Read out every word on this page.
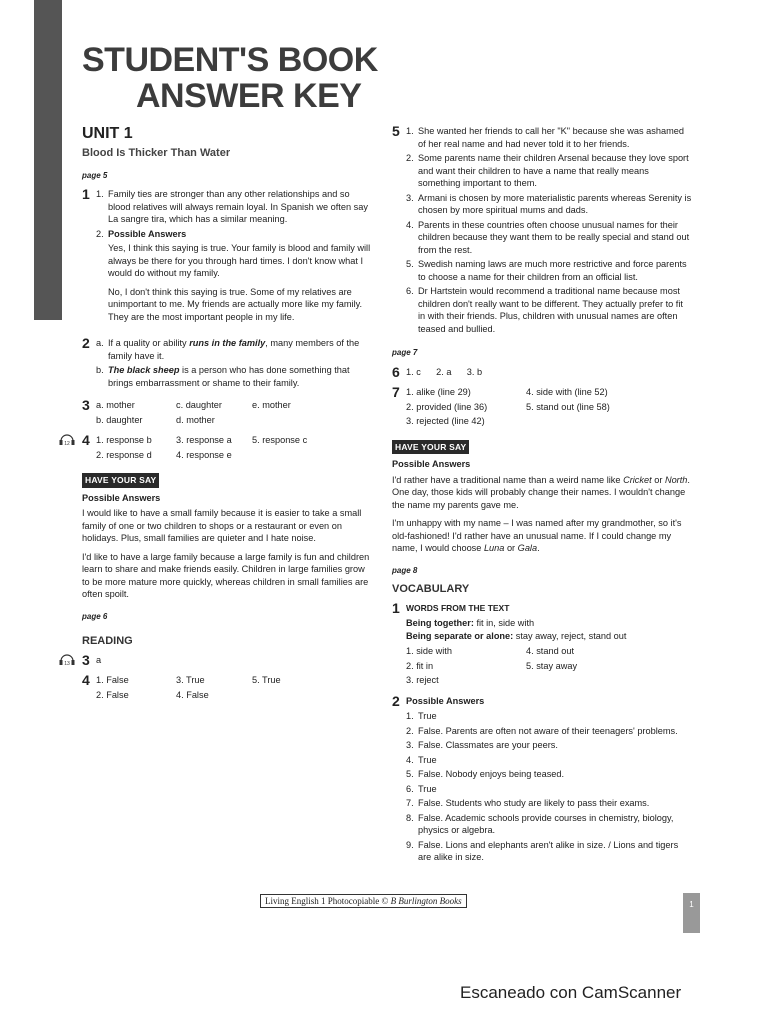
STUDENT'S BOOK
ANSWER KEY
UNIT 1
Blood Is Thicker Than Water
page 5
1 1. Family ties are stronger than any other relationships and so blood relatives will always remain loyal. In Spanish we often say La sangre tira, which has a similar meaning.
2. Possible Answers

Yes, I think this saying is true. Your family is blood and family will always be there for you through hard times. I don't know what I would do without my family.

No, I don't think this saying is true. Some of my relatives are unimportant to me. My friends are actually more like my family. They are the most important people in my life.

2 a. If a quality or ability runs in the family, many members of the family have it.
b. The black sheep is a person who has done something that brings embarrassment or shame to their family.
3 a. mother	c. daughter	e. mother
b. daughter	d. mother
12 4 1. response b	3. response a	5. response c
2. response d	4. response e
HAVE YOUR SAY
Possible Answers

I would like to have a small family because it is easier to take a small family of one or two children to shops or a restaurant or even on holidays. Plus, small families are quieter and I hate noise.

I'd like to have a large family because a large family is fun and children learn to share and make friends easily. Children in large families grow to be more mature more quickly, whereas children in small families are often spoilt.

page 6
READING
13 3 a
4 1. False	3. True	5. True
2. False	4. False
5 1. She wanted her friends to call her "K" because she was ashamed of her real name and had never told it to her friends.
2. Some parents name their children Arsenal because they love sport and want their children to have a name that really means something important to them.
3. Armani is chosen by more materialistic parents whereas Serenity is chosen by more spiritual mums and dads.
4. Parents in these countries often choose unusual names for their children because they want them to be really special and stand out from the rest.
5. Swedish naming laws are much more restrictive and force parents to choose a name for their children from an official list.
6. Dr Hartstein would recommend a traditional name because most children don't really want to be different. They actually prefer to fit in with their friends. Plus, children with unusual names are often teased and bullied.
page 7
6 1. c      2. a      3. b
7 1. alike (line 29)	4. side with (line 52)
2. provided (line 36)	5. stand out (line 58)
3. rejected (line 42)
HAVE YOUR SAY
Possible Answers

I'd rather have a traditional name than a weird name like Cricket or North. One day, those kids will probably change their names. I wouldn't change the name my parents gave me.

I'm unhappy with my name – I was named after my grandmother, so it's old-fashioned! I'd rather have an unusual name. If I could change my name, I would choose Luna or Gala.

page 8
VOCABULARY
1 WORDS FROM THE TEXT
Being together: fit in, side with
Being separate or alone: stay away, reject, stand out
1. side with	4. stand out
2. fit in	5. stay away
3. reject
2 Possible Answers
1. True
2. False. Parents are often not aware of their teenagers' problems.
3. False. Classmates are your peers.
4. True
5. False. Nobody enjoys being teased.
6. True
7. False. Students who study are likely to pass their exams.
8. False. Academic schools provide courses in chemistry, biology, physics or algebra.
9. False. Lions and elephants aren't alike in size. / Lions and tigers are alike in size.
Living English 1 Photocopiable © B Burlington Books	1
Escaneado con CamScanner
